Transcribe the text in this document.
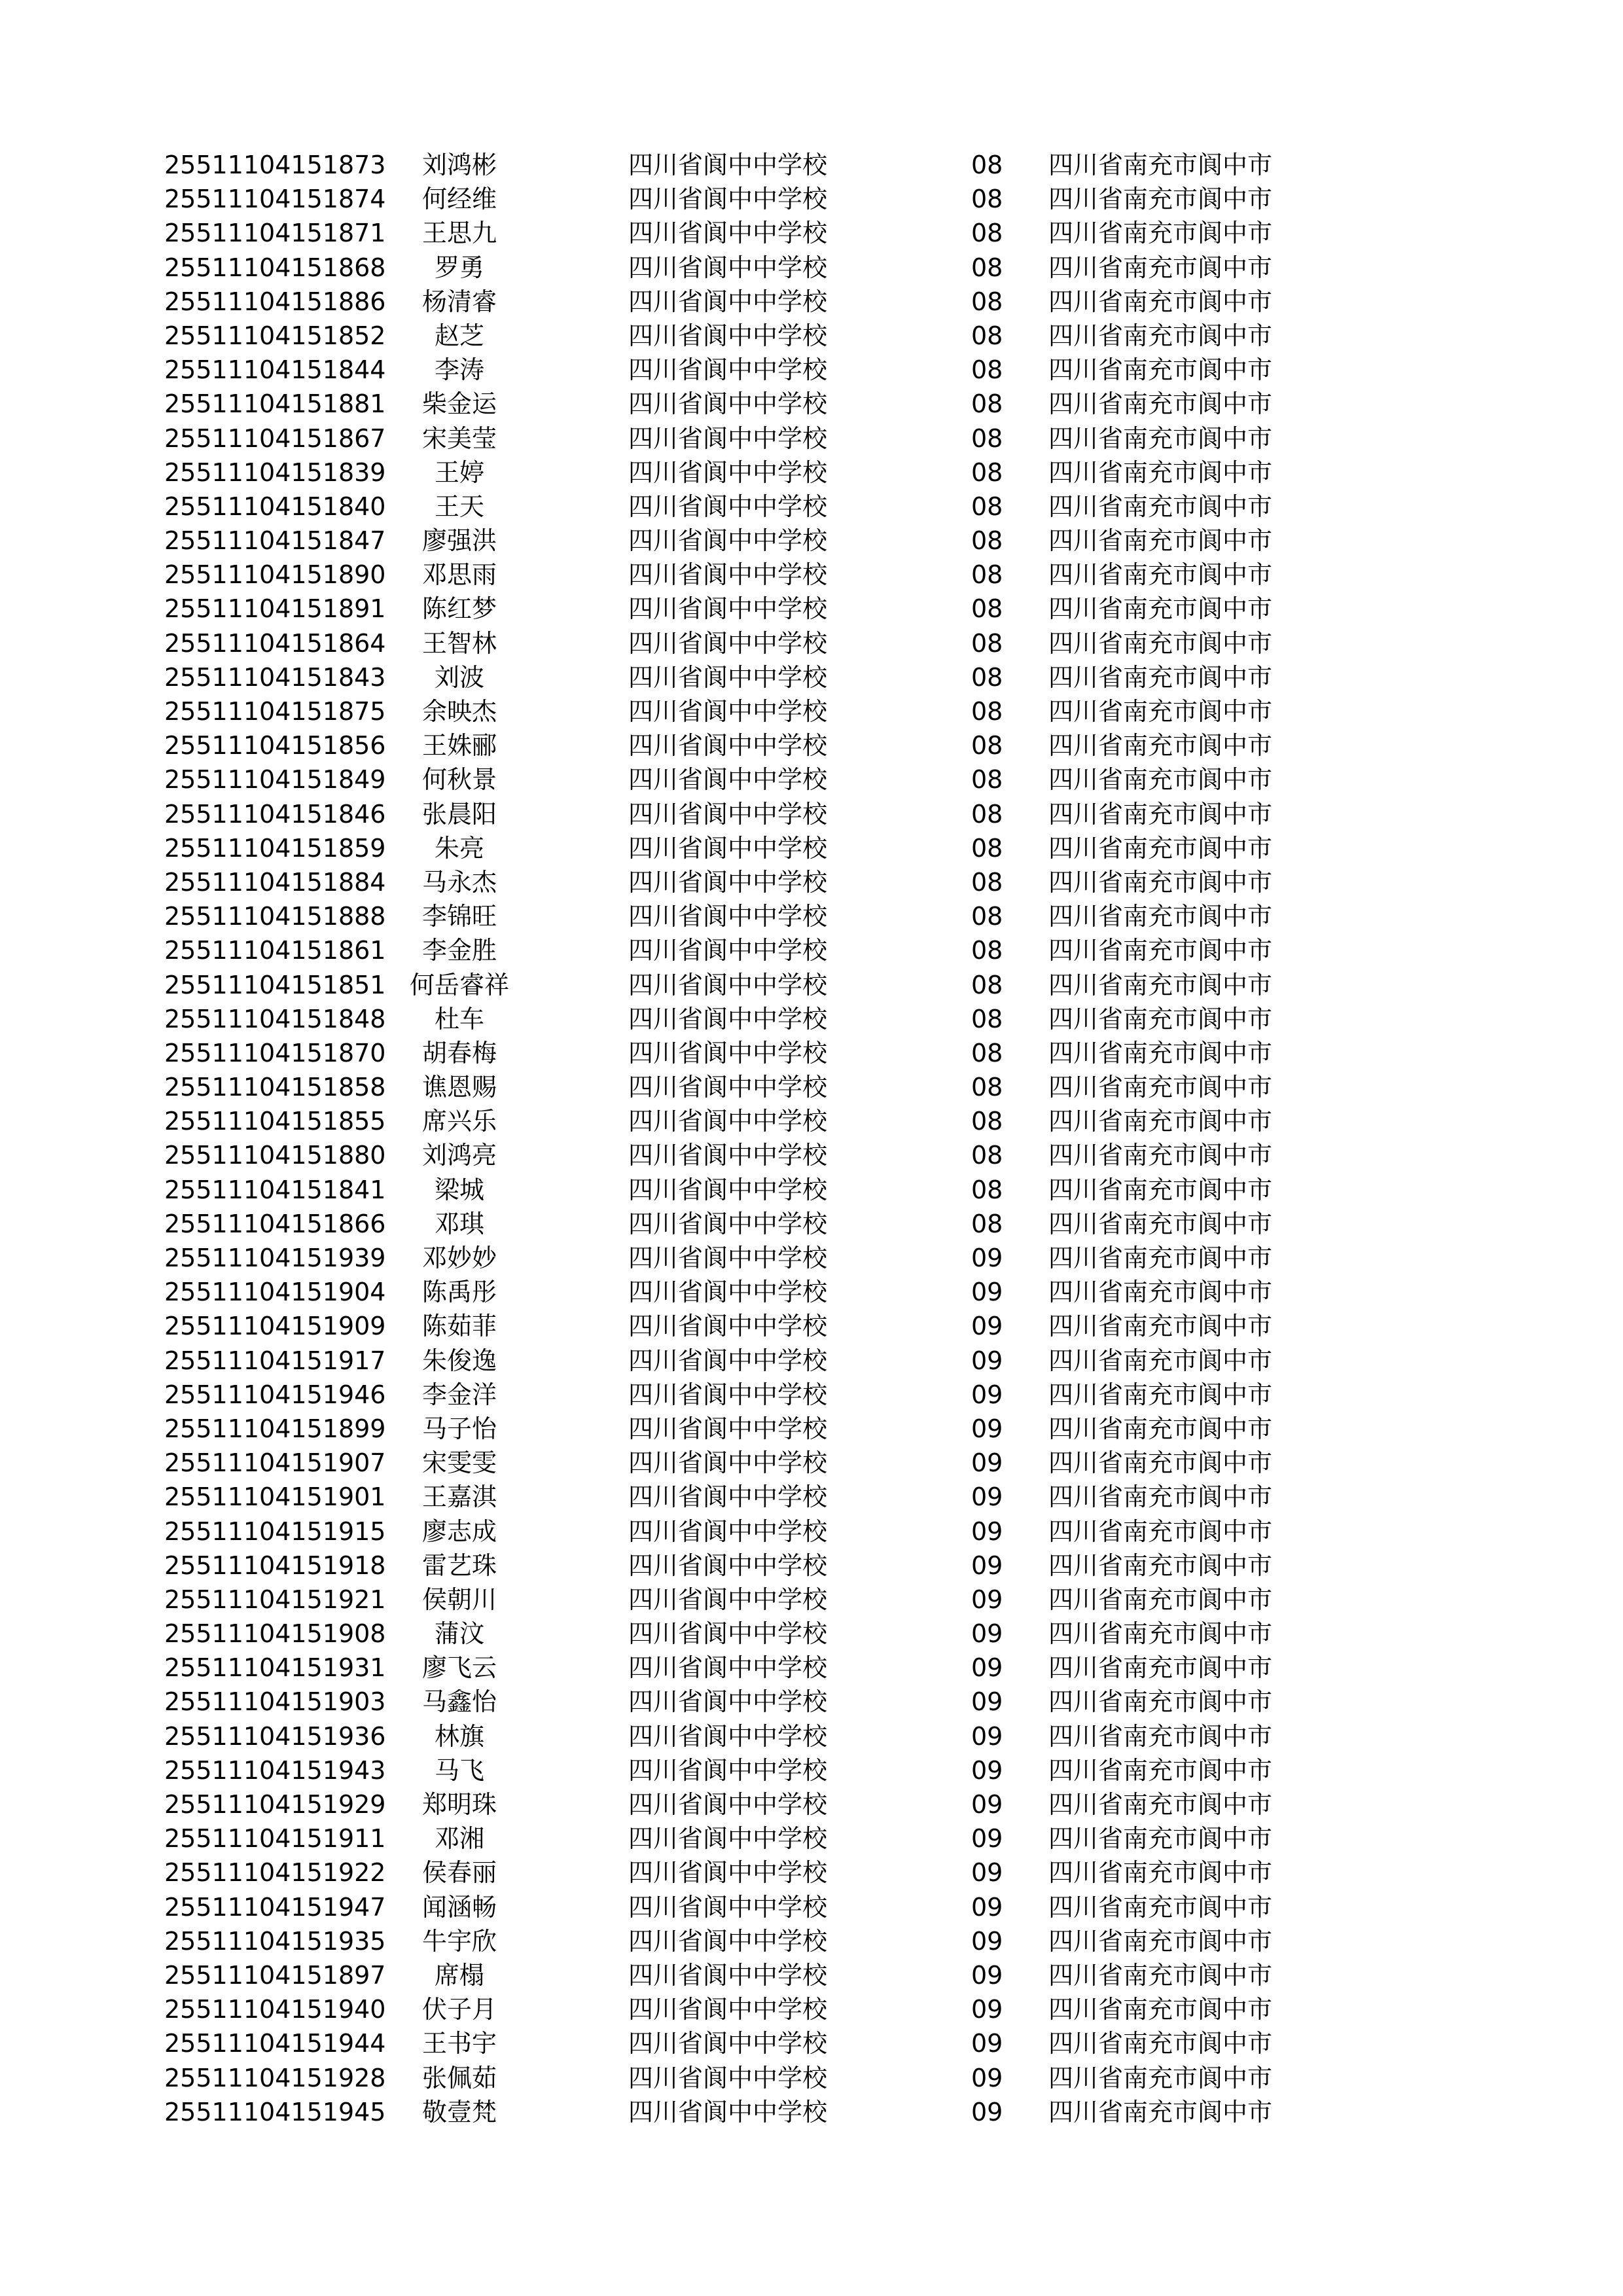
25511104151873	刘鸿彬	四川省阆中中学校	08	四川省南充市阆中市
25511104151874	何经维	四川省阆中中学校	08	四川省南充市阆中市
25511104151871	王思九	四川省阆中中学校	08	四川省南充市阆中市
25511104151868	罗勇	四川省阆中中学校	08	四川省南充市阆中市
25511104151886	杨清睿	四川省阆中中学校	08	四川省南充市阆中市
25511104151852	赵芝	四川省阆中中学校	08	四川省南充市阆中市
25511104151844	李涛	四川省阆中中学校	08	四川省南充市阆中市
25511104151881	柴金运	四川省阆中中学校	08	四川省南充市阆中市
25511104151867	宋美莹	四川省阆中中学校	08	四川省南充市阆中市
25511104151839	王婷	四川省阆中中学校	08	四川省南充市阆中市
25511104151840	王天	四川省阆中中学校	08	四川省南充市阆中市
25511104151847	廖强洪	四川省阆中中学校	08	四川省南充市阆中市
25511104151890	邓思雨	四川省阆中中学校	08	四川省南充市阆中市
25511104151891	陈红梦	四川省阆中中学校	08	四川省南充市阆中市
25511104151864	王智林	四川省阆中中学校	08	四川省南充市阆中市
25511104151843	刘波	四川省阆中中学校	08	四川省南充市阆中市
25511104151875	余映杰	四川省阆中中学校	08	四川省南充市阆中市
25511104151856	王姝郦	四川省阆中中学校	08	四川省南充市阆中市
25511104151849	何秋景	四川省阆中中学校	08	四川省南充市阆中市
25511104151846	张晨阳	四川省阆中中学校	08	四川省南充市阆中市
25511104151859	朱亮	四川省阆中中学校	08	四川省南充市阆中市
25511104151884	马永杰	四川省阆中中学校	08	四川省南充市阆中市
25511104151888	李锦旺	四川省阆中中学校	08	四川省南充市阆中市
25511104151861	李金胜	四川省阆中中学校	08	四川省南充市阆中市
25511104151851 何岳睿祥	四川省阆中中学校	08	四川省南充市阆中市
25511104151848	杜车	四川省阆中中学校	08	四川省南充市阆中市
25511104151870	胡春梅	四川省阆中中学校	08	四川省南充市阆中市
25511104151858	谯恩赐	四川省阆中中学校	08	四川省南充市阆中市
25511104151855	席兴乐	四川省阆中中学校	08	四川省南充市阆中市
25511104151880	刘鸿亮	四川省阆中中学校	08	四川省南充市阆中市
25511104151841	梁城	四川省阆中中学校	08	四川省南充市阆中市
25511104151866	邓琪	四川省阆中中学校	08	四川省南充市阆中市
25511104151939	邓妙妙	四川省阆中中学校	09	四川省南充市阆中市
25511104151904	陈禹彤	四川省阆中中学校	09	四川省南充市阆中市
25511104151909	陈茹菲	四川省阆中中学校	09	四川省南充市阆中市
25511104151917	朱俊逸	四川省阆中中学校	09	四川省南充市阆中市
25511104151946	李金洋	四川省阆中中学校	09	四川省南充市阆中市
25511104151899	马子怡	四川省阆中中学校	09	四川省南充市阆中市
25511104151907	宋雯雯	四川省阆中中学校	09	四川省南充市阆中市
25511104151901	王嘉淇	四川省阆中中学校	09	四川省南充市阆中市
25511104151915	廖志成	四川省阆中中学校	09	四川省南充市阆中市
25511104151918	雷艺珠	四川省阆中中学校	09	四川省南充市阆中市
25511104151921	侯朝川	四川省阆中中学校	09	四川省南充市阆中市
25511104151908	蒲汶	四川省阆中中学校	09	四川省南充市阆中市
25511104151931	廖飞云	四川省阆中中学校	09	四川省南充市阆中市
25511104151903	马鑫怡	四川省阆中中学校	09	四川省南充市阆中市
25511104151936	林旗	四川省阆中中学校	09	四川省南充市阆中市
25511104151943	马飞	四川省阆中中学校	09	四川省南充市阆中市
25511104151929	郑明珠	四川省阆中中学校	09	四川省南充市阆中市
25511104151911	邓湘	四川省阆中中学校	09	四川省南充市阆中市
25511104151922	侯春丽	四川省阆中中学校	09	四川省南充市阆中市
25511104151947	闻涵畅	四川省阆中中学校	09	四川省南充市阆中市
25511104151935	牛宇欣	四川省阆中中学校	09	四川省南充市阆中市
25511104151897	席榻	四川省阆中中学校	09	四川省南充市阆中市
25511104151940	伏子月	四川省阆中中学校	09	四川省南充市阆中市
25511104151944	王书宇	四川省阆中中学校	09	四川省南充市阆中市
25511104151928	张佩茹	四川省阆中中学校	09	四川省南充市阆中市
25511104151945	敬壹梵	四川省阆中中学校	09	四川省南充市阆中市
